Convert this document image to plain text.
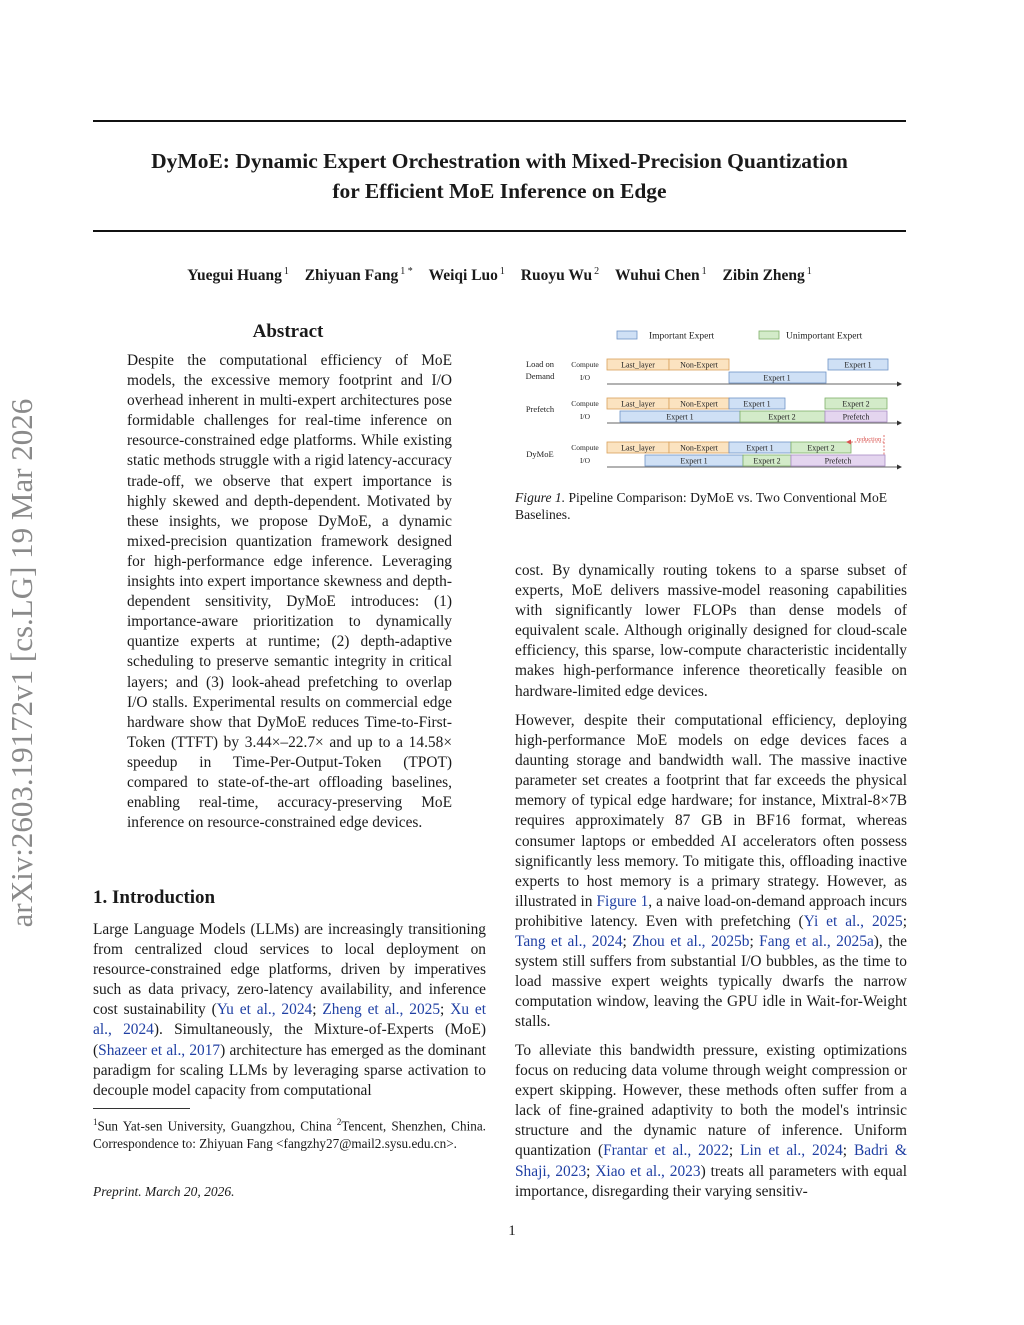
arXiv:2603.19172v1 [cs.LG] 19 Mar 2026
DyMoE: Dynamic Expert Orchestration with Mixed-Precision Quantization
for Efficient MoE Inference on Edge
Yuegui Huang $^1$ Zhiyuan Fang $^{1 *}$ Weiqi Luo $^1$ Ruoyu Wu $^2$ Wuhui Chen $^1$ Zibin Zheng $^1$
Abstract
Despite the computational efficiency of MoE models, the excessive memory footprint and I/O overhead inherent in multi-expert architectures pose formidable challenges for real-time inference on resource-constrained edge platforms. While existing static methods struggle with a rigid latency-accuracy trade-off, we observe that expert importance is highly skewed and depth-dependent. Motivated by these insights, we propose DyMoE, a dynamic mixed-precision quantization framework designed for high-performance edge inference. Leveraging insights into expert importance skewness and depth-dependent sensitivity, DyMoE introduces: (1) importance-aware prioritization to dynamically quantize experts at runtime; (2) depth-adaptive scheduling to preserve semantic integrity in critical layers; and (3) look-ahead prefetching to overlap I/O stalls. Experimental results on commercial edge hardware show that DyMoE reduces Time-to-First-Token (TTFT) by 3.44×–22.7× and up to a 14.58× speedup in Time-Per-Output-Token (TPOT) compared to state-of-the-art offloading baselines, enabling real-time, accuracy-preserving MoE inference on resource-constrained edge devices.
1. Introduction
Large Language Models (LLMs) are increasingly transitioning from centralized cloud services to local deployment on resource-constrained edge platforms, driven by imperatives such as data privacy, zero-latency availability, and inference cost sustainability (Yu et al., 2024; Zheng et al., 2025; Xu et al., 2024). Simultaneously, the Mixture-of-Experts (MoE) (Shazeer et al., 2017) architecture has emerged as the dominant paradigm for scaling LLMs by leveraging sparse activation to decouple model capacity from computational
$^1$Sun Yat-sen University, Guangzhou, China $^2$Tencent, Shenzhen, China. Correspondence to: Zhiyuan Fang <fangzhy27@mail2.sysu.edu.cn>.
Preprint. March 20, 2026.
1
Important Expert	Unimportant Expert
Load on
Demand
Compute
I/O
Last_layer	Non-Expert	Expert 1
Expert 1
Prefetch
Compute
I/O
Last_layer	Non-Expert	Expert 1	Expert 2
Expert 1	Expert 2	Prefetch
DyMoE
Compute
I/O
Last_layer	Non-Expert	Expert 1	Expert 2
reduction
Expert 1	Expert 2	Prefetch
Figure 1. Pipeline Comparison: DyMoE vs. Two Conventional MoE Baselines.
cost. By dynamically routing tokens to a sparse subset of experts, MoE delivers massive-model reasoning capabilities with significantly lower FLOPs than dense models of equivalent scale. Although originally designed for cloud-scale efficiency, this sparse, low-compute characteristic incidentally makes high-performance inference theoretically feasible on hardware-limited edge devices.
However, despite their computational efficiency, deploying high-performance MoE models on edge devices faces a daunting storage and bandwidth wall. The massive inactive parameter set creates a footprint that far exceeds the physical memory of typical edge hardware; for instance, Mixtral-8×7B requires approximately 87 GB in BF16 format, whereas consumer laptops or embedded AI accelerators often possess significantly less memory. To mitigate this, offloading inactive experts to host memory is a primary strategy. However, as illustrated in Figure 1, a naive load-on-demand approach incurs prohibitive latency. Even with prefetching (Yi et al., 2025; Tang et al., 2024; Zhou et al., 2025b; Fang et al., 2025a), the system still suffers from substantial I/O bubbles, as the time to load massive expert weights typically dwarfs the narrow computation window, leaving the GPU idle in Wait-for-Weight stalls.
To alleviate this bandwidth pressure, existing optimizations focus on reducing data volume through weight compression or expert skipping. However, these methods often suffer from a lack of fine-grained adaptivity to both the model's intrinsic structure and the dynamic nature of inference. Uniform quantization (Frantar et al., 2022; Lin et al., 2024; Badri & Shaji, 2023; Xiao et al., 2023) treats all parameters with equal importance, disregarding their varying sensitiv-
